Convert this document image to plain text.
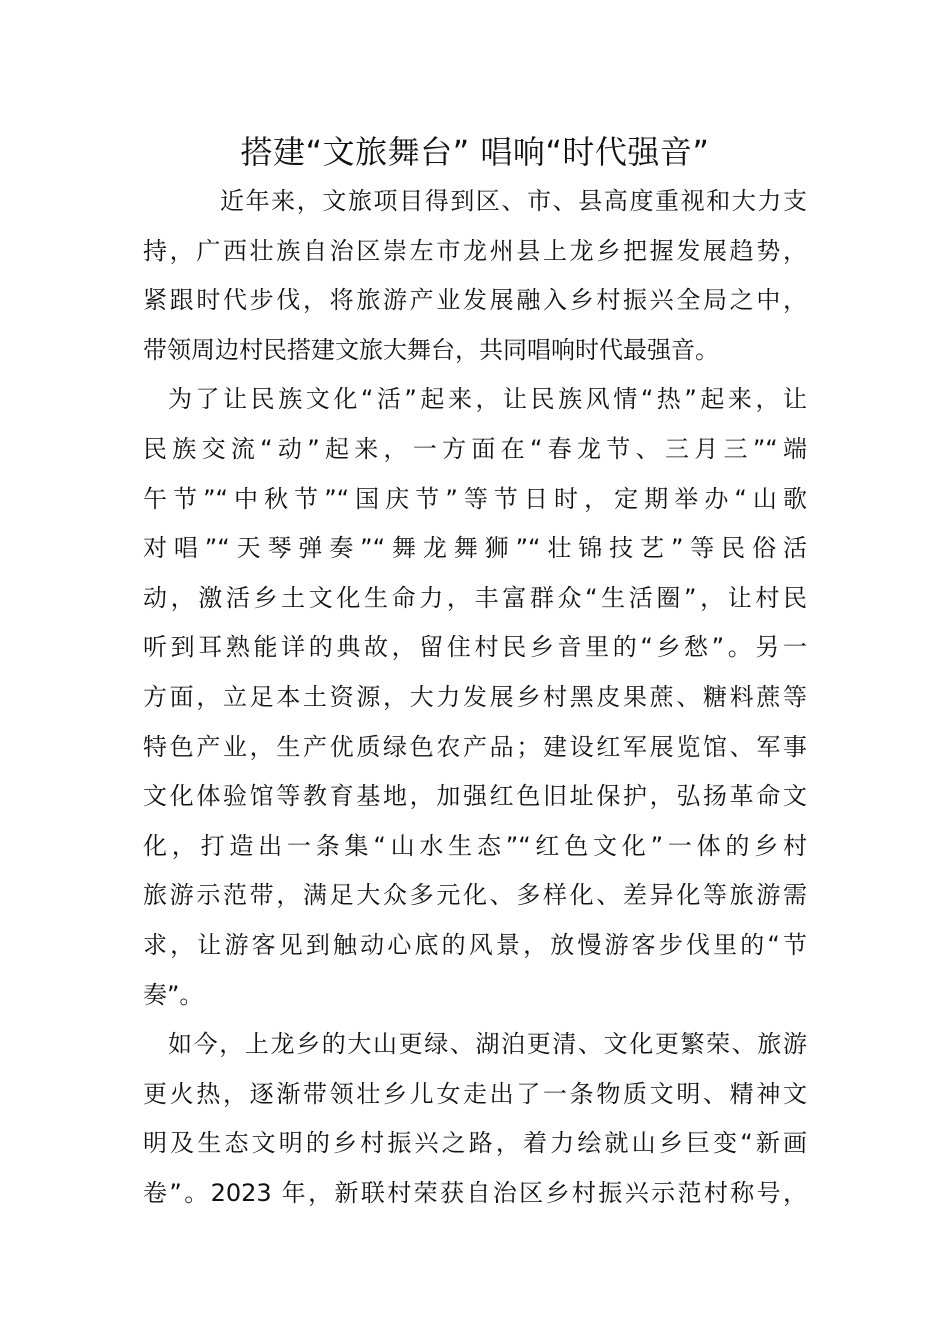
搭建“文旅舞台” 唱响“时代强音”

近年来，文旅项目得到区、市、县高度重视和大力支
持，广西壮族自治区崇左市龙州县上龙乡把握发展趋势，
紧跟时代步伐，将旅游产业发展融入乡村振兴全局之中，
带领周边村民搭建文旅大舞台，共同唱响时代最强音。

为了让民族文化“活”起来，让民族风情“热”起来，让
民族交流“动”起来，一方面在“春龙节、三月三”“端
午节”“中秋节”“国庆节”等节日时，定期举办“山歌
对唱”“天琴弹奏”“舞龙舞狮”“壮锦技艺”等民俗活
动，激活乡土文化生命力，丰富群众“生活圈”，让村民
听到耳熟能详的典故，留住村民乡音里的“乡愁”。另一
方面，立足本土资源，大力发展乡村黑皮果蔗、糖料蔗等
特色产业，生产优质绿色农产品；建设红军展览馆、军事
文化体验馆等教育基地，加强红色旧址保护，弘扬革命文
化，打造出一条集“山水生态”“红色文化”一体的乡村
旅游示范带，满足大众多元化、多样化、差异化等旅游需
求，让游客见到触动心底的风景，放慢游客步伐里的“节
奏”。

如今，上龙乡的大山更绿、湖泊更清、文化更繁荣、旅游
更火热，逐渐带领壮乡儿女走出了一条物质文明、精神文
明及生态文明的乡村振兴之路，着力绘就山乡巨变“新画
卷”。2023 年，新联村荣获自治区乡村振兴示范村称号，
